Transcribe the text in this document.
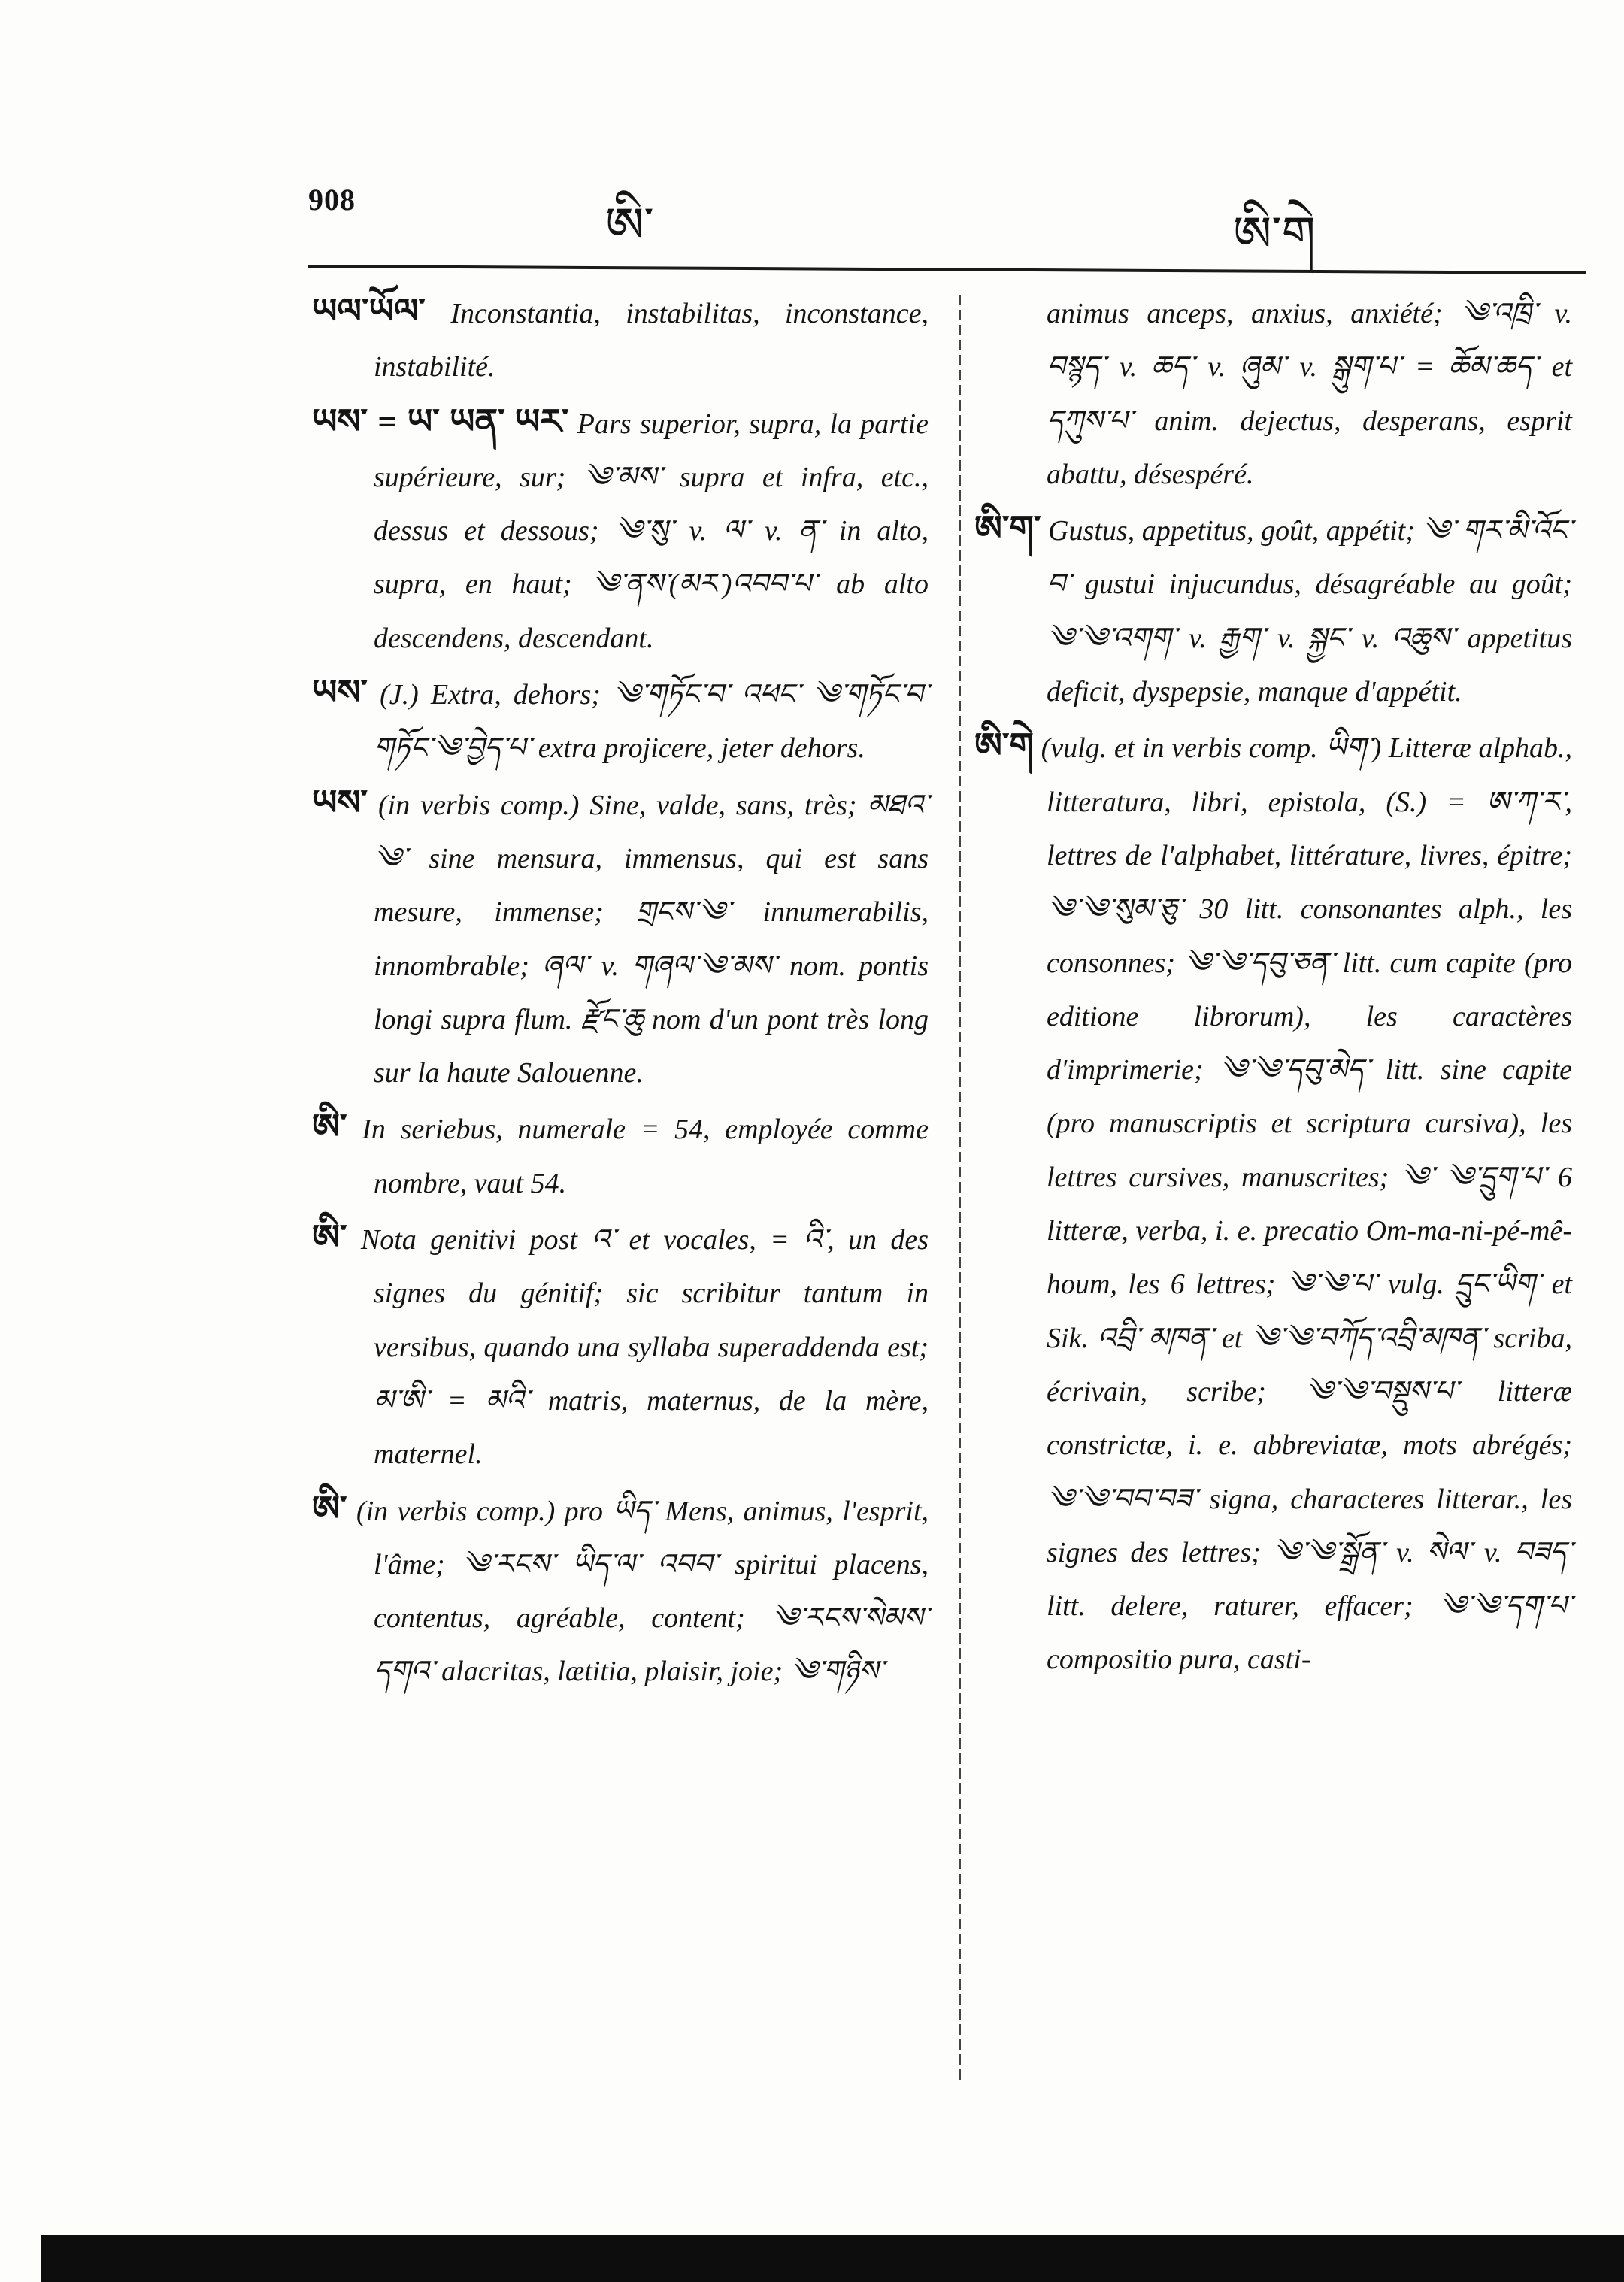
908	ཨི་	ཨི་གེ

ཡལ་ཡོལ་ Inconstantia, instabilitas, inconstance, instabilité.

ཡས་ = ཡ་ ཡན་ ཡར་ Pars superior, supra, la partie supérieure, sur; ༄་མས་ supra et infra, etc., dessus et dessous; ༄་སུ་ v. ལ་ v. ན་ in alto, supra, en haut; ༄་ནས་(མར་)འབབ་པ་ ab alto descendens, descendant.

ཡས་ (J.) Extra, dehors; ༄་གཏོང་བ་ འཕང་ ༄་གཏོང་བ་ གཏོང་༄་བྱེད་པ་ extra projicere, jeter dehors.

ཡས་ (in verbis comp.) Sine, valde, sans, très; མཐའ་༄་ sine mensura, immensus, qui est sans mesure, immense; གྲངས་༄་ innumerabilis, innombrable; ཞལ་ v. གཞལ་༄་མས་ nom. pontis longi supra flum. རྫོང་ཆུ nom d'un pont très long sur la haute Salouenne.

ཨི་ In seriebus, numerale = 54, employée comme nombre, vaut 54.

ཨི་ Nota genitivi post འ་ et vocales, = འི་, un des signes du génitif; sic scribitur tantum in versibus, quando una syllaba superaddenda est; མ་ཨི་ = མའི་ matris, maternus, de la mère, maternel.

ཨི་ (in verbis comp.) pro ཡིད་ Mens, animus, l'esprit, l'âme; ༄་རངས་ ཡིད་ལ་ འབབ་ spiritui placens, contentus, agréable, content; ༄་རངས་སེམས་དགའ་ alacritas, lætitia, plaisir, joie; ༄་གཉིས་

animus anceps, anxius, anxiété; ༄་འཁྲི་ v. བསྙད་ v. ཆད་ v. ཞུམ་ v. སྒུག་པ་ = ཆོམ་ཆད་ et དཀུས་པ་ anim. dejectus, desperans, esprit abattu, désespéré.

ཨི་ག་ Gustus, appetitus, goût, appétit; ༄་ གར་མི་འོང་བ་ gustui injucundus, désagréable au goût; ༄་༄་འགག་ v. རྒྱག་ v. སྐྱང་ v. འཆུས་ appetitus deficit, dyspepsie, manque d'appétit.

ཨི་གེ (vulg. et in verbis comp. ཡིག་) Litteræ alphab., litteratura, libri, epistola, (S.) = ཨ་ཀ་ར་, lettres de l'alphabet, littérature, livres, épitre; ༄་༄་སུམ་ཅུ་ 30 litt. consonantes alph., les consonnes; ༄་༄་དབུ་ཅན་ litt. cum capite (pro editione librorum), les caractères d'imprimerie; ༄་༄་དབུ་མེད་ litt. sine capite (pro manuscriptis et scriptura cursiva), les lettres cursives, manuscrites; ༄་ ༄་དྲུག་པ་ 6 litteræ, verba, i. e. precatio Om-ma-ni-pé-mê-houm, les 6 lettres; ༄་༄་པ་ vulg. དྲུང་ཡིག་ et Sik. འབྲི་ མཁན་ et ༄་༄་བཀོད་འབྲི་མཁན་ scriba, écrivain, scribe; ༄་༄་བསྡུས་པ་ litteræ constrictæ, i. e. abbreviatæ, mots abrégés; ༄་༄་བབ་བཟ་ signa, characteres litterar., les signes des lettres; ༄་༄་སྒྲོན་ v. སེལ་ v. བཟད་ litt. delere, raturer, effacer; ༄་༄་དག་པ་ compositio pura, casti-
